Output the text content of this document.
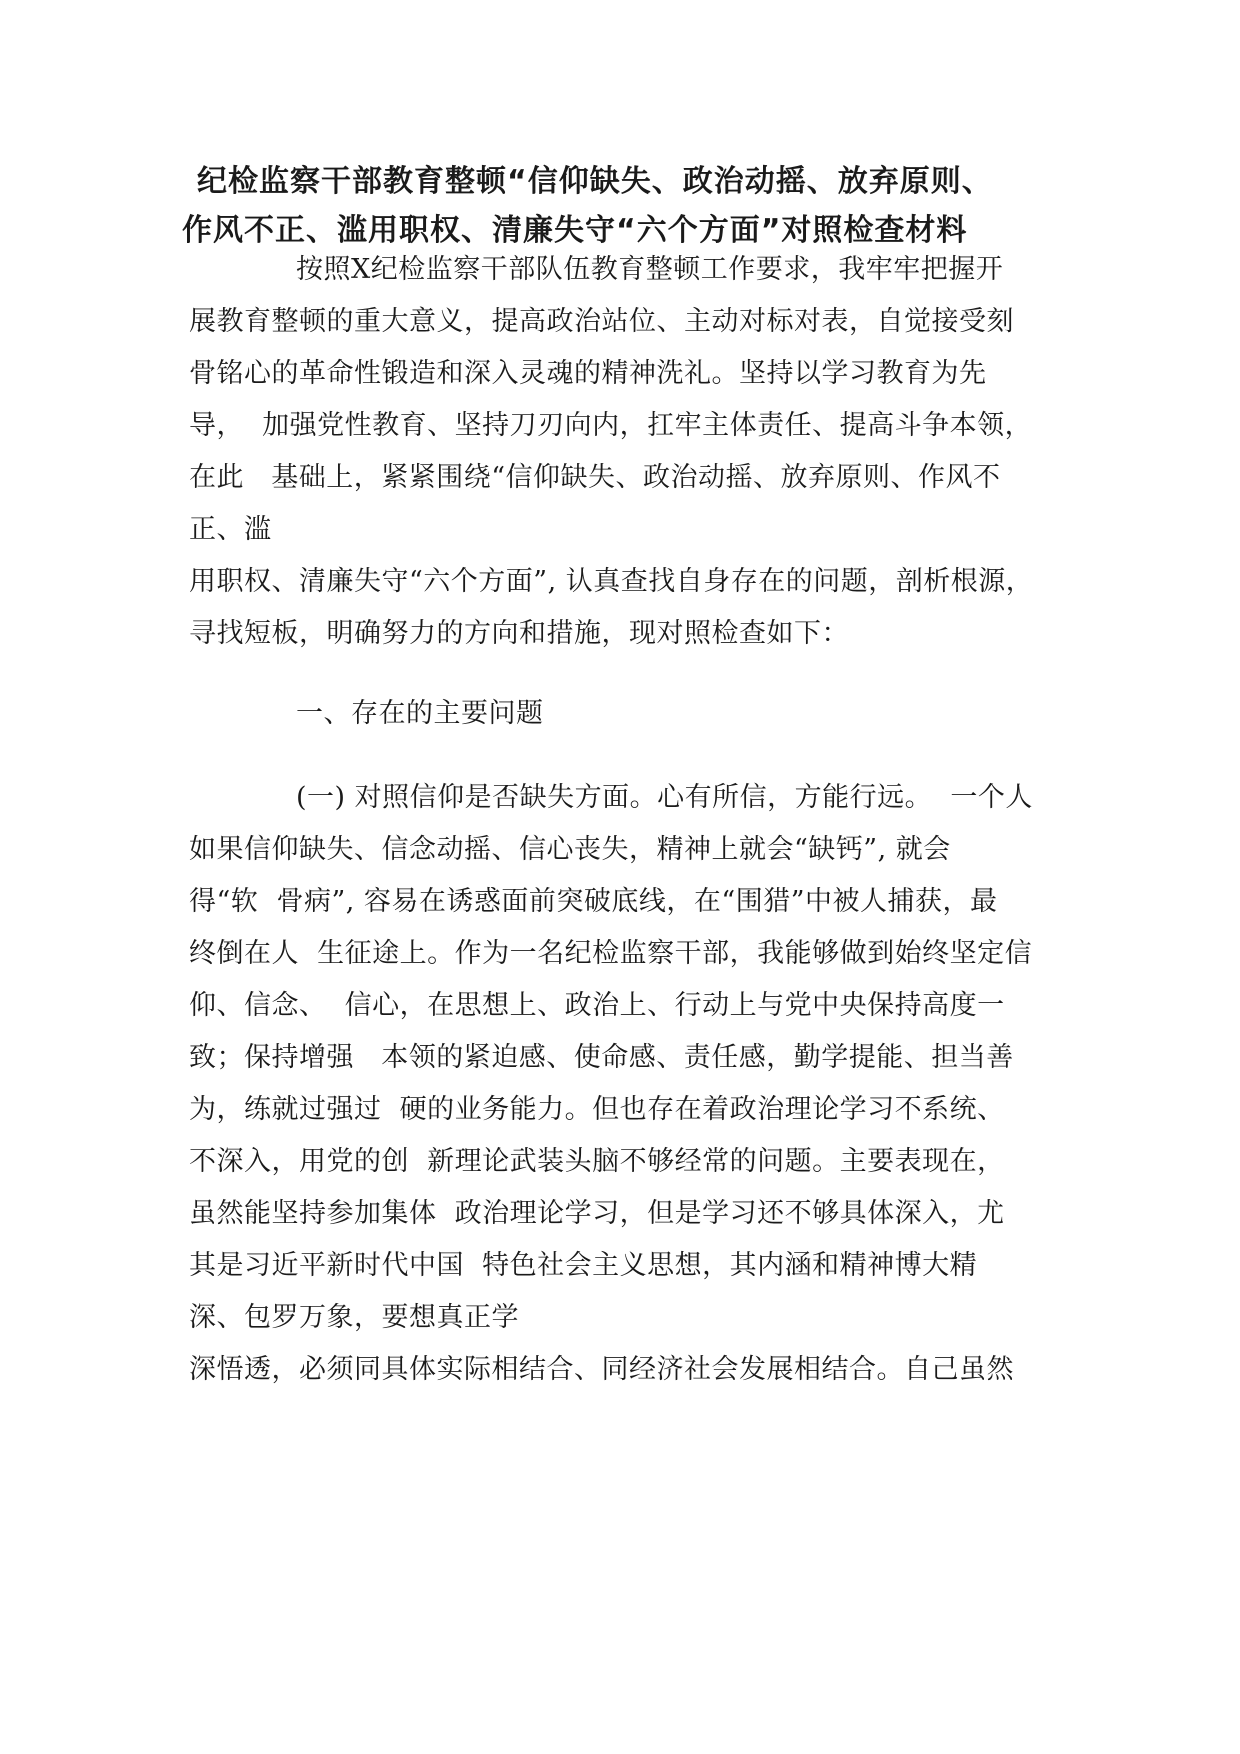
纪检监察干部教育整顿“信仰缺失、政治动摇、放弃原则、
作风不正、滥用职权、清廉失守“六个方面”对照检查材料
按照X纪检监察干部队伍教育整顿工作要求，我牢牢把握开
展教育整顿的重大意义，提高政治站位、主动对标对表，自觉接受刻
骨铭心的革命性锻造和深入灵魂的精神洗礼。坚持以学习教育为先
导，  加强党性教育、坚持刀刃向内，扛牢主体责任、提高斗争本领，
在此   基础上，紧紧围绕“信仰缺失、政治动摇、放弃原则、作风不
正、滥
用职权、清廉失守“六个方面”, 认真查找自身存在的问题，剖析根源，
寻找短板，明确努力的方向和措施，现对照检查如下：
一、存在的主要问题
(一) 对照信仰是否缺失方面。心有所信，方能行远。  一个人
如果信仰缺失、信念动摇、信心丧失，精神上就会“缺钙”, 就会
得“软  骨病”, 容易在诱惑面前突破底线，在“围猎”中被人捕获，最
终倒在人  生征途上。作为一名纪检监察干部，我能够做到始终坚定信
仰、信念、  信心，在思想上、政治上、行动上与党中央保持高度一
致；保持增强   本领的紧迫感、使命感、责任感，勤学提能、担当善
为，练就过强过  硬的业务能力。但也存在着政治理论学习不系统、
不深入，用党的创  新理论武装头脑不够经常的问题。主要表现在，
虽然能坚持参加集体  政治理论学习，但是学习还不够具体深入，尤
其是习近平新时代中国  特色社会主义思想，其内涵和精神博大精
深、包罗万象，要想真正学
深悟透，必须同具体实际相结合、同经济社会发展相结合。自己虽然
